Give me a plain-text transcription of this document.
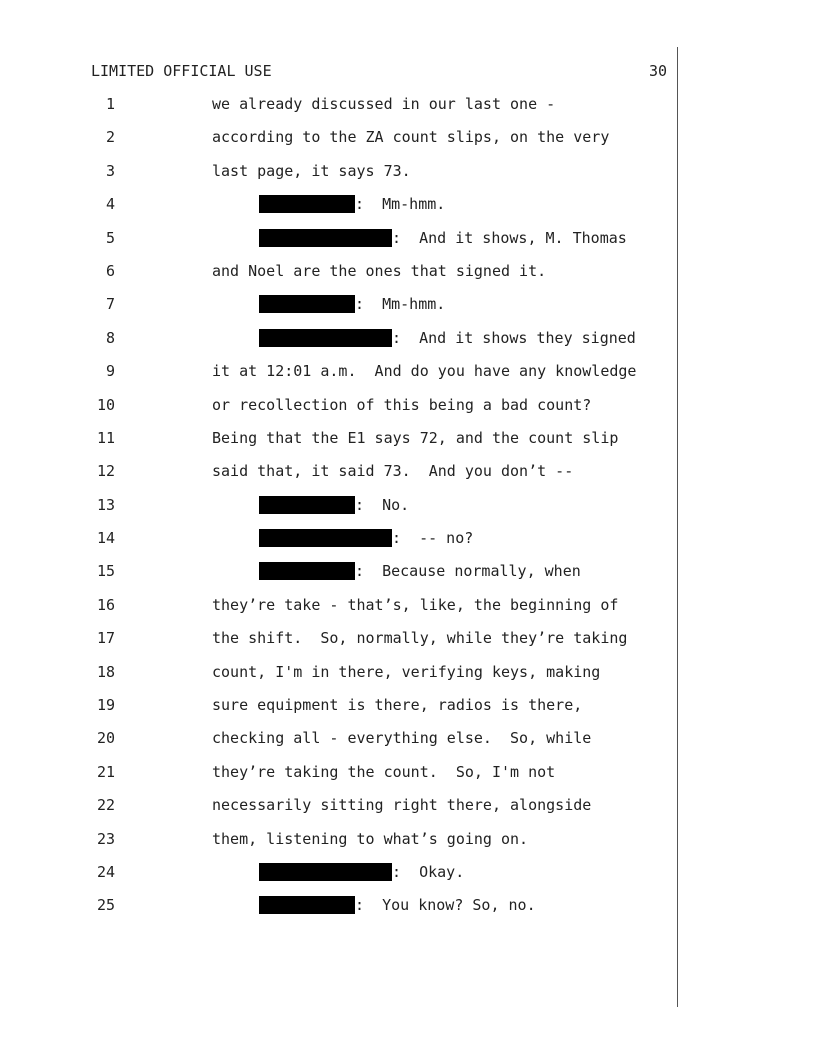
LIMITED OFFICIAL USE	30
1	we already discussed in our last one -
2	according to the ZA count slips, on the very
3	last page, it says 73.
4	:  Mm-hmm.
5	:  And it shows, M. Thomas
6	and Noel are the ones that signed it.
7	:  Mm-hmm.
8	:  And it shows they signed
9	it at 12:01 a.m.  And do you have any knowledge
10	or recollection of this being a bad count?
11	Being that the E1 says 72, and the count slip
12	said that, it said 73.  And you don’t --
13	:  No.
14	:  -- no?
15	:  Because normally, when
16	they’re take - that’s, like, the beginning of
17	the shift.  So, normally, while they’re taking
18	count, I'm in there, verifying keys, making
19	sure equipment is there, radios is there,
20	checking all - everything else.  So, while
21	they’re taking the count.  So, I'm not
22	necessarily sitting right there, alongside
23	them, listening to what’s going on.
24	:  Okay.
25	:  You know? So, no.
